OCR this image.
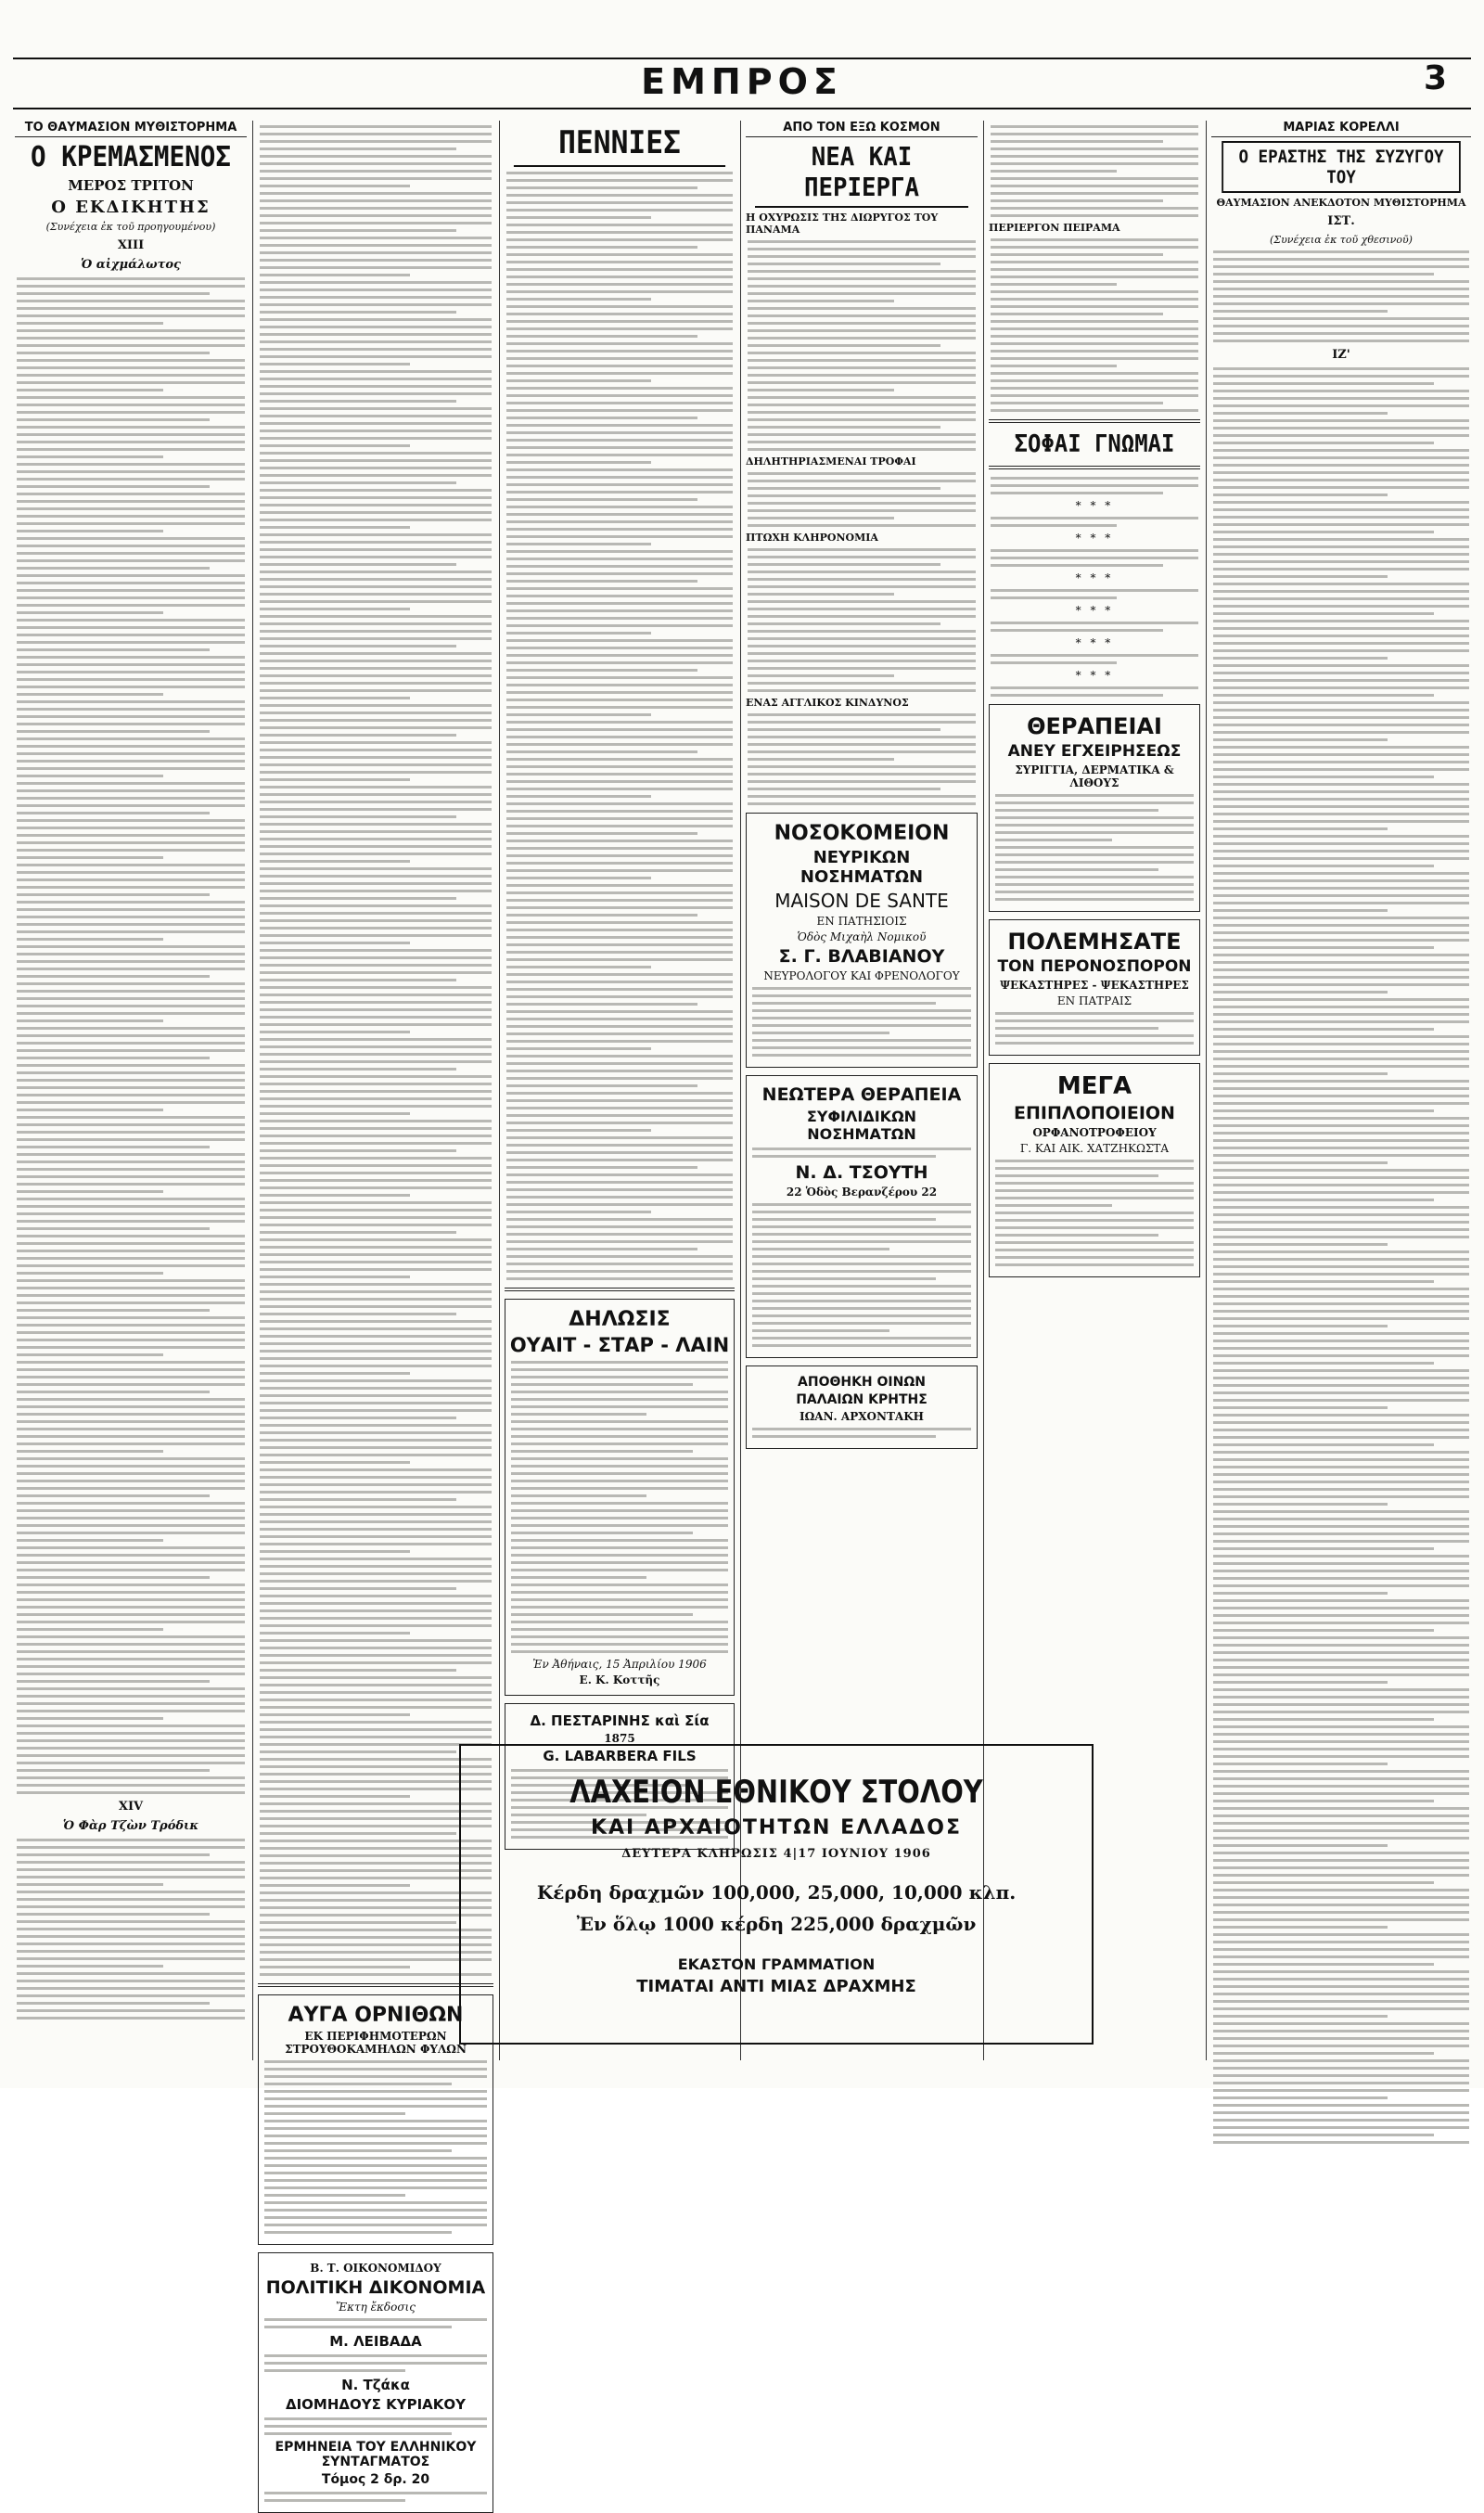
ΕΜΠΡΟΣ	3
ΤΟ ΘΑΥΜΑΣΙΟΝ ΜΥΘΙΣΤΟΡΗΜΑ
Ο ΚΡΕΜΑΣΜΕΝΟΣ
ΜΕΡΟΣ ΤΡΙΤΟΝ
Ο ΕΚΔΙΚΗΤΗΣ
(Συνέχεια ἐκ τοῦ προηγουμένου)
XIII
Ὁ αἰχμάλωτος
XIV
Ὁ Φὰρ Τζὼν Τρόδικ
ΑΥΓΑ ΟΡΝΙΘΩΝ
ΕΚ ΠΕΡΙΦΗΜΟΤΕΡΩΝ ΣΤΡΟΥΘΟΚΑΜΗΛΩΝ ΦΥΛΩΝ
Β. Τ. ΟΙΚΟΝΟΜΙΔΟΥ
ΠΟΛΙΤΙΚΗ ΔΙΚΟΝΟΜΙΑ
Ἔκτη ἔκδοσις
Μ. ΛΕΙΒΑΔΑ
Ν. Τζάκα
ΔΙΟΜΗΔΟΥΣ ΚΥΡΙΑΚΟΥ
ΕΡΜΗΝΕΙΑ ΤΟΥ ΕΛΛΗΝΙΚΟΥ ΣΥΝΤΑΓΜΑΤΟΣ
Τόμος 2 δρ. 20
ΠΕΝΝΙΕΣ
ΔΗΛΩΣΙΣ
ΟΥΑΙΤ - ΣΤΑΡ - ΛΑΙΝ
Ἐν Ἀθήναις, 15 Ἀπριλίου 1906
Ε. Κ. Κοττῆς
Δ. ΠΕΣΤΑΡΙΝΗΣ καὶ Σία
1875
G. LABARBERA FILS
ΑΠΟ ΤΟΝ ΕΞΩ ΚΟΣΜΟΝ
ΝΕΑ ΚΑΙ ΠΕΡΙΕΡΓΑ
Η ΟΧΥΡΩΣΙΣ ΤΗΣ ΔΙΩΡΥΓΟΣ ΤΟΥ ΠΑΝΑΜΑ
ΔΗΛΗΤΗΡΙΑΣΜΕΝΑΙ ΤΡΟΦΑΙ
ΠΤΩΧΗ ΚΛΗΡΟΝΟΜΙΑ
ΕΝΑΣ ΑΓΓΛΙΚΟΣ ΚΙΝΔΥΝΟΣ
ΝΟΣΟΚΟΜΕΙΟΝ
ΝΕΥΡΙΚΩΝ ΝΟΣΗΜΑΤΩΝ
MAISON DE SANTE
ΕΝ ΠΑΤΗΣΙΟΙΣ
Ὁδὸς Μιχαὴλ Νομικοῦ
Σ. Γ. ΒΛΑΒΙΑΝΟΥ
ΝΕΥΡΟΛΟΓΟΥ ΚΑΙ ΦΡΕΝΟΛΟΓΟΥ
ΝΕΩΤΕΡΑ ΘΕΡΑΠΕΙΑ
ΣΥΦΙΛΙΔΙΚΩΝ ΝΟΣΗΜΑΤΩΝ
Ν. Δ. ΤΣΟΥΤΗ
22 Ὁδὸς Βερανζέρου 22
ΑΠΟΘΗΚΗ ΟΙΝΩΝ
ΠΑΛΑΙΩΝ ΚΡΗΤΗΣ
ΙΩΑΝ. ΑΡΧΟΝΤΑΚΗ
ΠΕΡΙΕΡΓΟΝ ΠΕΙΡΑΜΑ
ΣΟΦΑΙ ΓΝΩΜΑΙ
* * *
* * *
* * *
* * *
* * *
* * *
ΘΕΡΑΠΕΙΑΙ
ΑΝΕΥ ΕΓΧΕΙΡΗΣΕΩΣ
ΣΥΡΙΓΓΙΑ, ΔΕΡΜΑΤΙΚΑ & ΛΙΘΟΥΣ
ΠΟΛΕΜΗΣΑΤΕ
ΤΟΝ ΠΕΡΟΝΟΣΠΟΡΟΝ
ΨΕΚΑΣΤΗΡΕΣ - ΨΕΚΑΣΤΗΡΕΣ
ΕΝ ΠΑΤΡΑΙΣ
ΜΕΓΑ
ΕΠΙΠΛΟΠΟΙΕΙΟΝ
ΟΡΦΑΝΟΤΡΟΦΕΙΟΥ
Γ. ΚΑΙ ΑΙΚ. ΧΑΤΖΗΚΩΣΤΑ
ΜΑΡΙΑΣ ΚΟΡΕΛΛΙ
Ο ΕΡΑΣΤΗΣ ΤΗΣ ΣΥΖΥΓΟΥ ΤΟΥ
ΘΑΥΜΑΣΙΟΝ ΑΝΕΚΔΟΤΟΝ ΜΥΘΙΣΤΟΡΗΜΑ
ΙΣΤ.
(Συνέχεια ἐκ τοῦ χθεσινοῦ)
ΙΖ'
ΛΑΧΕΙΟΝ ΕΘΝΙΚΟΥ ΣΤΟΛΟΥ
ΚΑΙ ΑΡΧΑΙΟΤΗΤΩΝ ΕΛΛΑΔΟΣ
ΔΕΥΤΕΡΑ ΚΛΗΡΩΣΙΣ 4|17 ΙΟΥΝΙΟΥ 1906
Κέρδη δραχμῶν 100,000, 25,000, 10,000 κλπ.
Ἐν ὅλῳ 1000 κέρδη 225,000 δραχμῶν
ΕΚΑΣΤΟΝ ΓΡΑΜΜΑΤΙΟΝ
ΤΙΜΑΤΑΙ ΑΝΤΙ ΜΙΑΣ ΔΡΑΧΜΗΣ
